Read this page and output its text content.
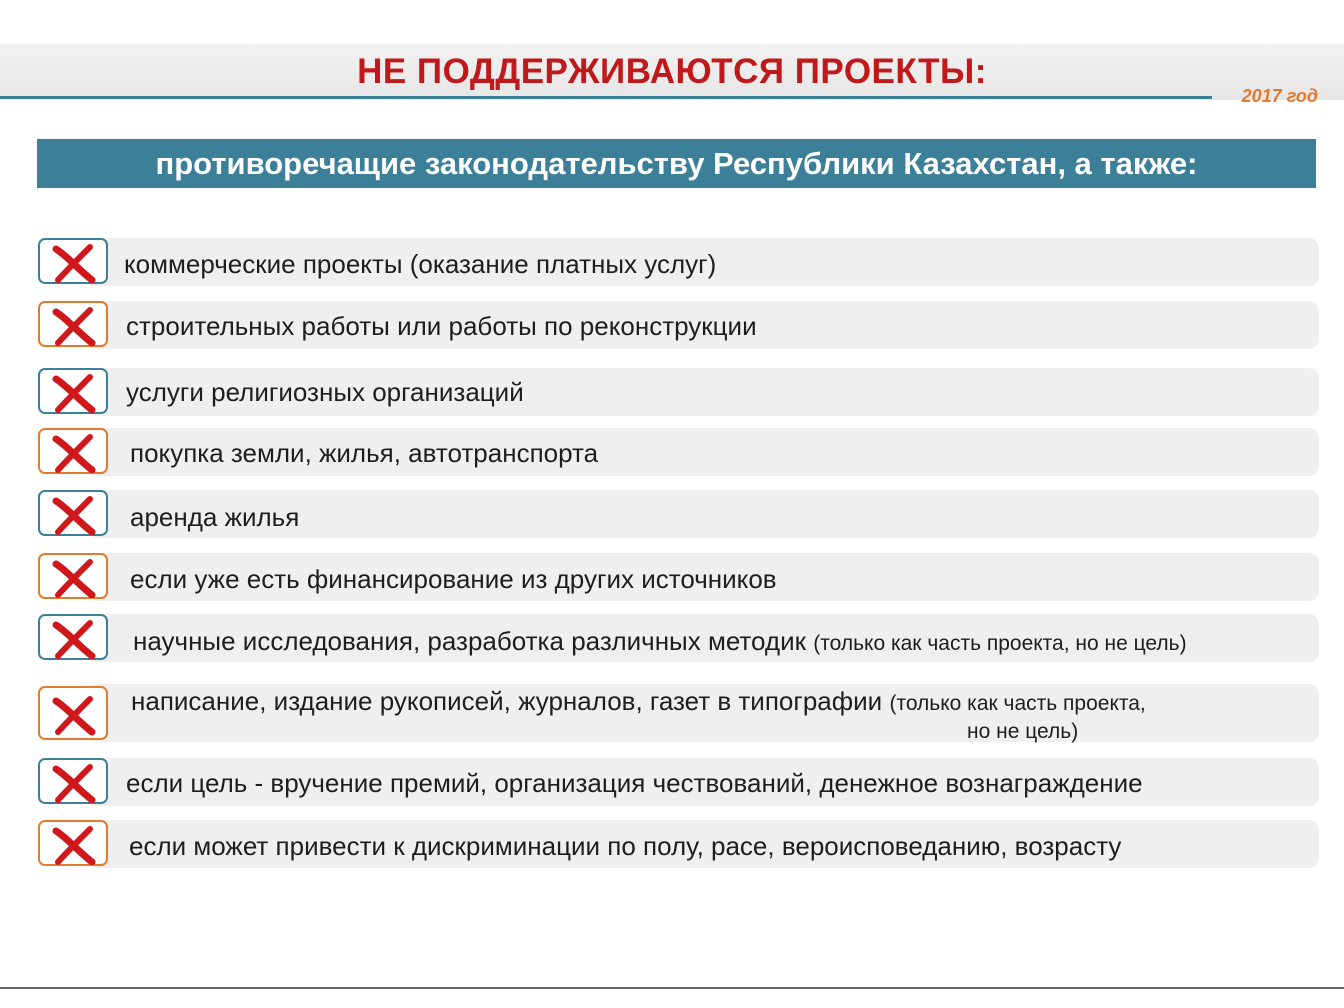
НЕ ПОДДЕРЖИВАЮТСЯ ПРОЕКТЫ:
2017 год
противоречащие законодательству Республики Казахстан, а также:
коммерческие проекты (оказание платных услуг)
строительных работы или работы по реконструкции
услуги религиозных организаций
покупка земли, жилья, автотранспорта
аренда жилья
если уже есть финансирование из других источников
научные исследования, разработка различных методик (только как часть проекта, но не цель)
написание, издание рукописей, журналов, газет в типографии (только как часть проекта,
но не цель)
если цель - вручение премий, организация чествований, денежное вознаграждение
если может привести к дискриминации по полу, расе, вероисповеданию, возрасту
